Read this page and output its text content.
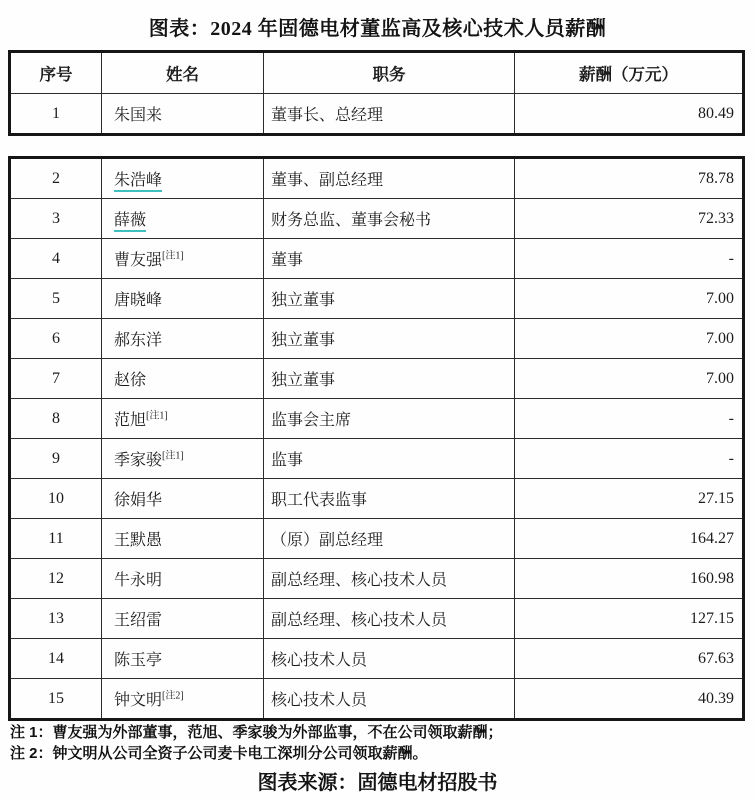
图表：2024 年固德电材董监高及核心技术人员薪酬
序号	姓名	职务	薪酬（万元）
1	朱国来	董事长、总经理	80.49
2	朱浩峰	董事、副总经理	78.78
3	薛薇	财务总监、董事会秘书	72.33
4	曹友强[注1]	董事	-
5	唐晓峰	独立董事	7.00
6	郝东洋	独立董事	7.00
7	赵徐	独立董事	7.00
8	范旭[注1]	监事会主席	-
9	季家骏[注1]	监事	-
10	徐娟华	职工代表监事	27.15
11	王默愚	（原）副总经理	164.27
12	牛永明	副总经理、核心技术人员	160.98
13	王绍雷	副总经理、核心技术人员	127.15
14	陈玉亭	核心技术人员	67.63
15	钟文明[注2]	核心技术人员	40.39
注 1：曹友强为外部董事，范旭、季家骏为外部监事，不在公司领取薪酬；
注 2：钟文明从公司全资子公司麦卡电工深圳分公司领取薪酬。
图表来源：固德电材招股书
